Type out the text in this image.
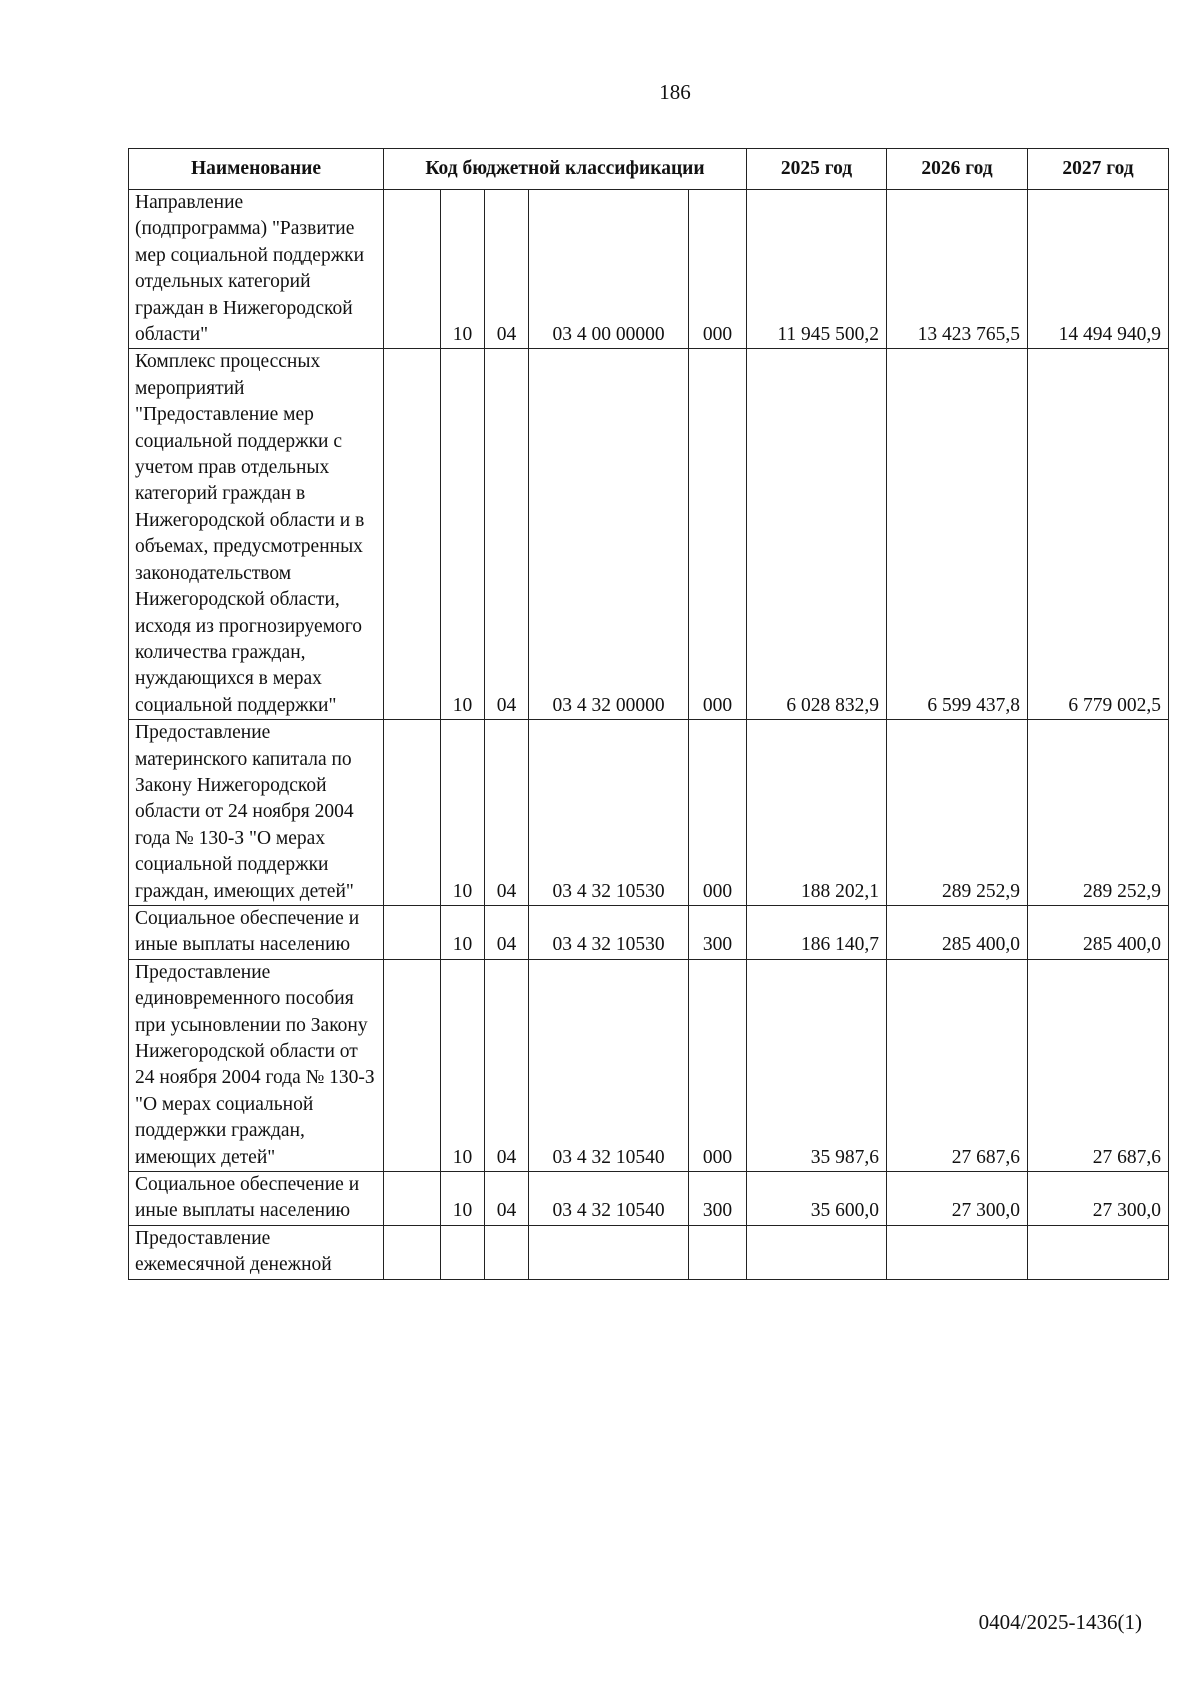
186
Наименование	Код бюджетной классификации					2025 год	2026 год	2027 год

Направление (подпрограмма) "Развитие мер социальной поддержки отдельных категорий граждан в Нижегородской области"		10	04	03 4 00 00000	000	11 945 500,2	13 423 765,5	14 494 940,9

Комплекс процессных мероприятий "Предоставление мер социальной поддержки с учетом прав отдельных категорий граждан в Нижегородской области и в объемах, предусмотренных законодательством Нижегородской области, исходя из прогнозируемого количества граждан, нуждающихся в мерах социальной поддержки"		10	04	03 4 32 00000	000	6 028 832,9	6 599 437,8	6 779 002,5

Предоставление материнского капитала по Закону Нижегородской области от 24 ноября 2004 года № 130-З "О мерах социальной поддержки граждан, имеющих детей"		10	04	03 4 32 10530	000	188 202,1	289 252,9	289 252,9

Социальное обеспечение и иные выплаты населению		10	04	03 4 32 10530	300	186 140,7	285 400,0	285 400,0

Предоставление единовременного пособия при усыновлении по Закону Нижегородской области от 24 ноября 2004 года № 130-З "О мерах социальной поддержки граждан, имеющих детей"		10	04	03 4 32 10540	000	35 987,6	27 687,6	27 687,6

Социальное обеспечение и иные выплаты населению		10	04	03 4 32 10540	300	35 600,0	27 300,0	27 300,0

Предоставление ежемесячной денежной								

0404/2025-1436(1)
